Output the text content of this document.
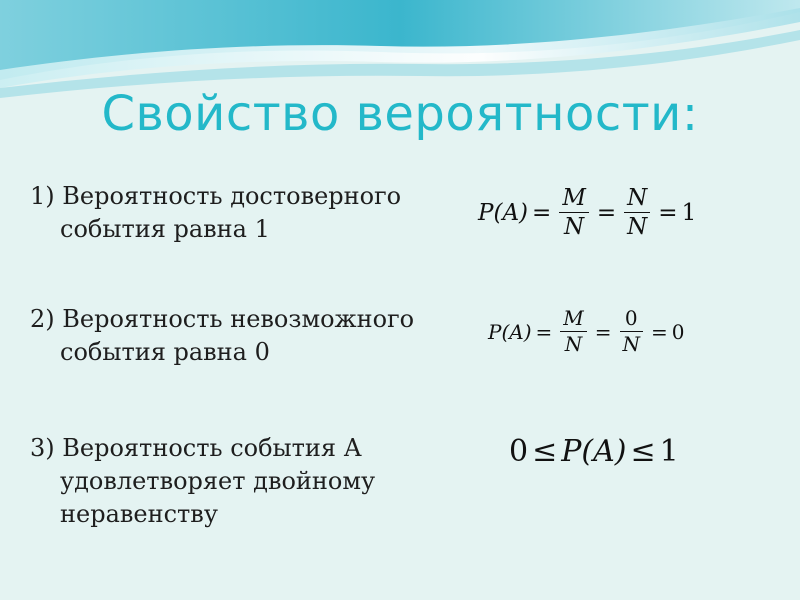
Свойство вероятности:
1) Вероятность достоверного
события равна 1
2) Вероятность невозможного
события равна 0
3) Вероятность события А
удовлетворяет двойному
неравенству
$P(A) = \frac{M}{N} = \frac{N}{N} = 1$
$P(A) = \frac{M}{N} = \frac{0}{N} = 0$
0 ≤ P(A) ≤ 1
